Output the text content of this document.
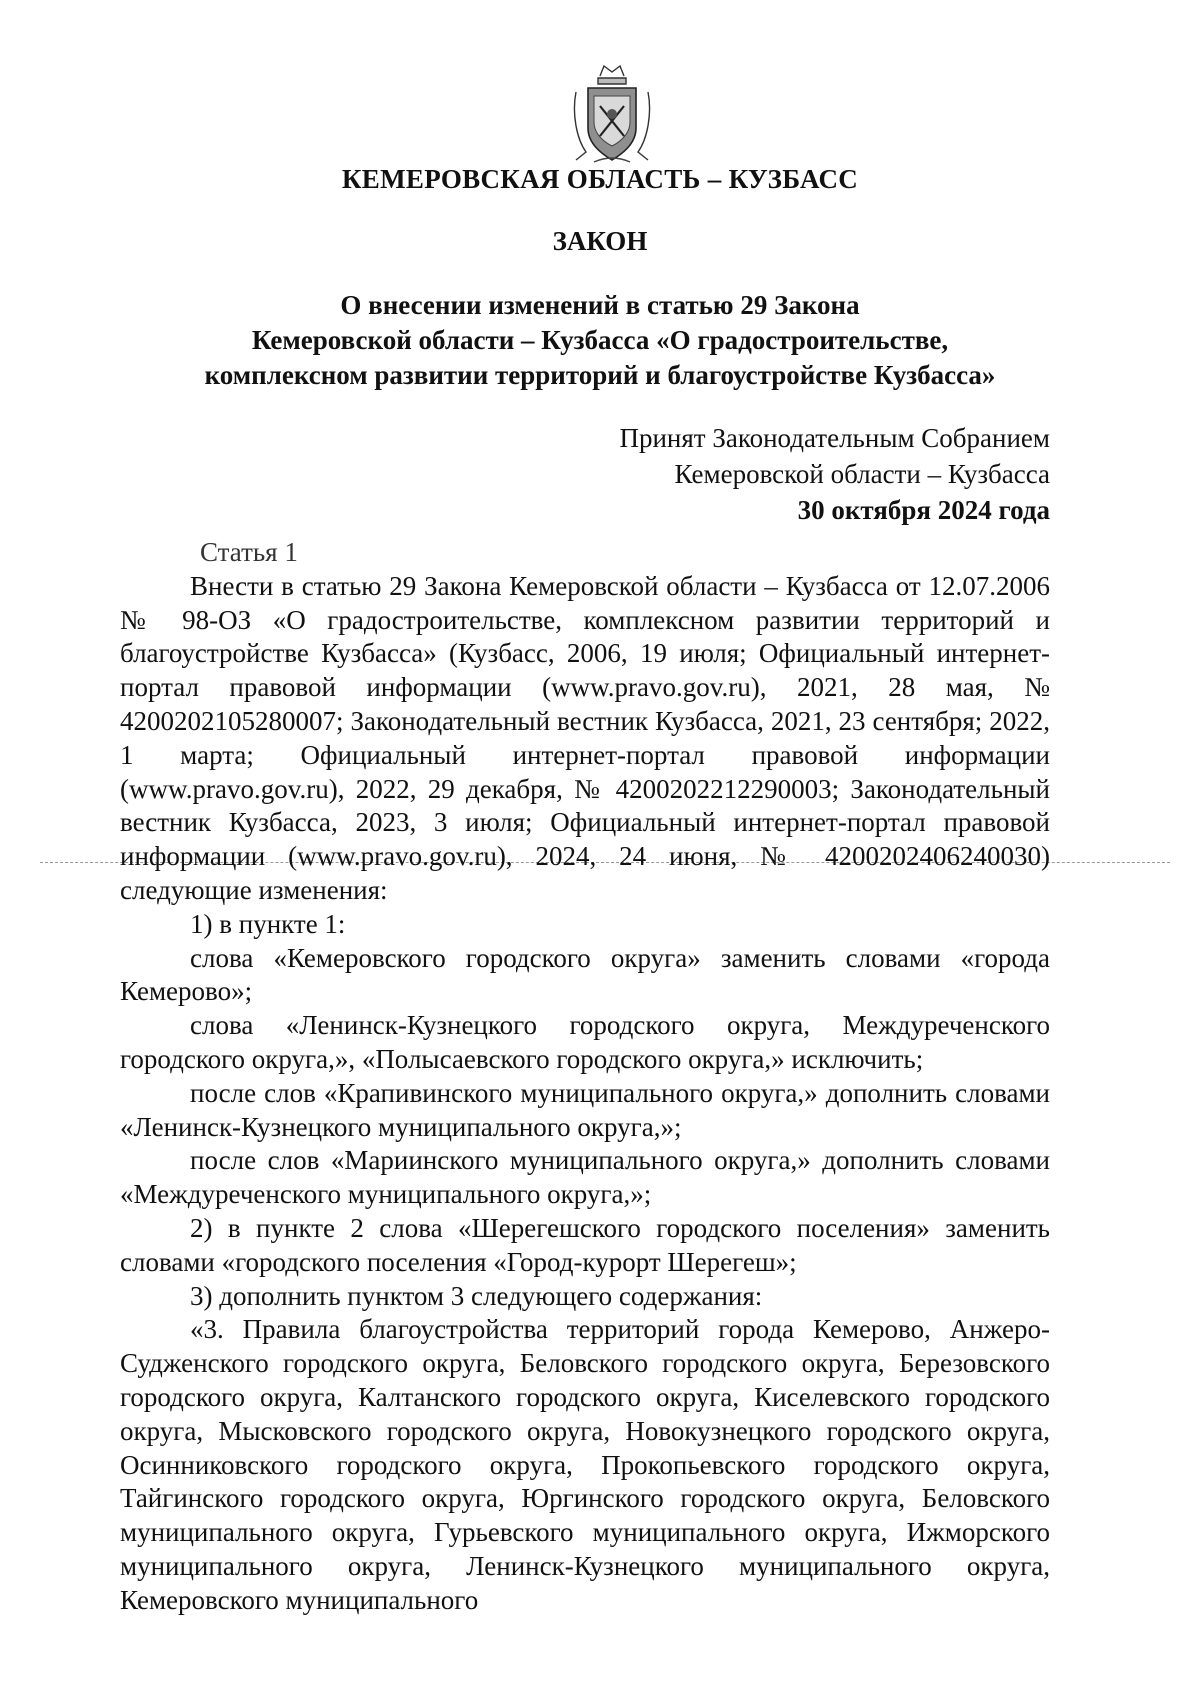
КЕМЕРОВСКАЯ ОБЛАСТЬ – КУЗБАСС
ЗАКОН
О внесении изменений в статью 29 Закона
Кемеровской области – Кузбасса «О градостроительстве,
комплексном развитии территорий и благоустройстве Кузбасса»
Принят Законодательным Собранием
Кемеровской области – Кузбасса
30 октября 2024 года

Статья 1

Внести в статью 29 Закона Кемеровской области – Кузбасса от 12.07.2006 № 98-ОЗ «О градостроительстве, комплексном развитии территорий и благоустройстве Кузбасса» (Кузбасс, 2006, 19 июля; Официальный интернет-портал правовой информации (www.pravo.gov.ru), 2021, 28 мая, № 4200202105280007; Законодательный вестник Кузбасса, 2021, 23 сентября; 2022, 1 марта; Официальный интернет-портал правовой информации (www.pravo.gov.ru), 2022, 29 декабря, № 4200202212290003; Законодательный вестник Кузбасса, 2023, 3 июля; Официальный интернет-портал правовой информации (www.pravo.gov.ru), 2024, 24 июня, № 4200202406240030) следующие изменения:

1) в пункте 1:

слова «Кемеровского городского округа» заменить словами «города Кемерово»;

слова «Ленинск-Кузнецкого городского округа, Междуреченского городского округа,», «Полысаевского городского округа,» исключить;

после слов «Крапивинского муниципального округа,» дополнить словами «Ленинск-Кузнецкого муниципального округа,»;

после слов «Мариинского муниципального округа,» дополнить словами «Междуреченского муниципального округа,»;

2) в пункте 2 слова «Шерегешского городского поселения» заменить словами «городского поселения «Город-курорт Шерегеш»;

3) дополнить пунктом 3 следующего содержания:

«3. Правила благоустройства территорий города Кемерово, Анжеро-Судженского городского округа, Беловского городского округа, Березовского городского округа, Калтанского городского округа, Киселевского городского округа, Мысковского городского округа, Новокузнецкого городского округа, Осинниковского городского округа, Прокопьевского городского округа, Тайгинского городского округа, Юргинского городского округа, Беловского муниципального округа, Гурьевского муниципального округа, Ижморского муниципального округа, Ленинск-Кузнецкого муниципального округа, Кемеровского муниципального
